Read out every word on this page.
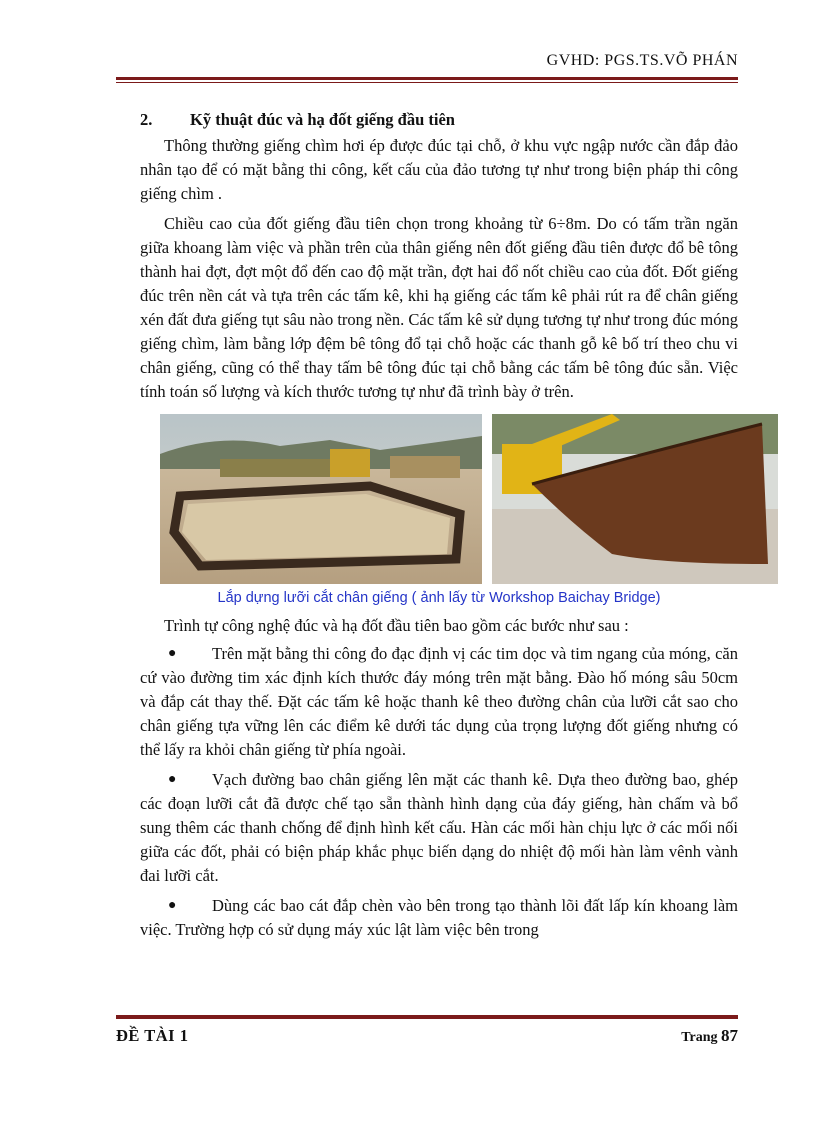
GVHD: PGS.TS.VÕ PHÁN
2.	Kỹ thuật đúc và hạ đốt giếng đầu tiên

Thông thường giếng chìm hơi ép được đúc tại chỗ, ở khu vực ngập nước cần đắp đảo nhân tạo để có mặt bằng thi công, kết cấu của đảo tương tự như trong biện pháp thi công giếng chìm .

Chiều cao của đốt giếng đầu tiên chọn trong khoảng từ 6÷8m. Do có tấm trần ngăn giữa khoang làm việc và phần trên của thân giếng nên đốt giếng đầu tiên được đổ bê tông thành hai đợt, đợt một đổ đến cao độ mặt trần, đợt hai đổ nốt chiều cao của đốt. Đốt giếng đúc trên nền cát và tựa trên các tấm kê, khi hạ giếng các tấm kê phải rút ra để chân giếng xén đất đưa giếng tụt sâu nào trong nền. Các tấm kê sử dụng tương tự như trong đúc móng giếng chìm, làm bằng lớp đệm bê tông đổ tại chỗ hoặc các thanh gỗ kê bố trí theo chu vi chân giếng, cũng có thể thay tấm bê tông đúc tại chỗ bằng các tấm bê tông đúc sẵn. Việc tính toán số lượng và kích thước tương tự như đã trình bày ở trên.

Lắp dựng lưỡi cắt chân giếng ( ảnh lấy từ Workshop Baichay Bridge)

Trình tự công nghệ đúc và hạ đốt đầu tiên bao gồm các bước như sau :

● Trên mặt bằng thi công đo đạc định vị các tim dọc và tim ngang của móng, căn cứ vào đường tim xác định kích thước đáy móng trên mặt bằng. Đào hố móng sâu 50cm và đắp cát thay thế. Đặt các tấm kê hoặc thanh kê theo đường chân của lưỡi cắt sao cho chân giếng tựa vững lên các điểm kê dưới tác dụng của trọng lượng đốt giếng nhưng có thể lấy ra khỏi chân giếng từ phía ngoài.

● Vạch đường bao chân giếng lên mặt các thanh kê. Dựa theo đường bao, ghép các đoạn lưỡi cắt đã được chế tạo sẵn thành hình dạng của đáy giếng, hàn chấm và bổ sung thêm các thanh chống để định hình kết cấu. Hàn các mối hàn chịu lực ở các mối nối giữa các đốt, phải có biện pháp khắc phục biến dạng do nhiệt độ mối hàn làm vênh vành đai lưỡi cắt.

● Dùng các bao cát đắp chèn vào bên trong tạo thành lõi đất lấp kín khoang làm việc. Trường hợp có sử dụng máy xúc lật làm việc bên trong

ĐỀ TÀI 1	Trang 87
